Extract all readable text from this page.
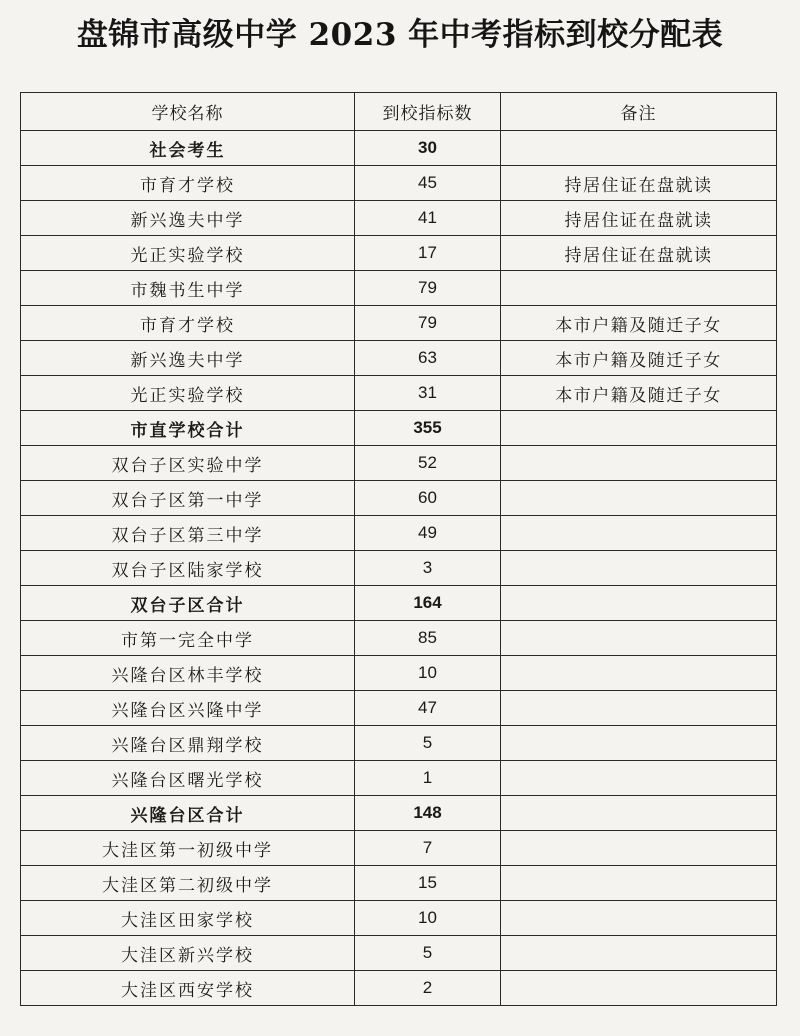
盘锦市高级中学 2023 年中考指标到校分配表
学校名称	到校指标数	备注
社会考生	30	
市育才学校	45	持居住证在盘就读
新兴逸夫中学	41	持居住证在盘就读
光正实验学校	17	持居住证在盘就读
市魏书生中学	79	
市育才学校	79	本市户籍及随迁子女
新兴逸夫中学	63	本市户籍及随迁子女
光正实验学校	31	本市户籍及随迁子女
市直学校合计	355	
双台子区实验中学	52	
双台子区第一中学	60	
双台子区第三中学	49	
双台子区陆家学校	3	
双台子区合计	164	
市第一完全中学	85	
兴隆台区林丰学校	10	
兴隆台区兴隆中学	47	
兴隆台区鼎翔学校	5	
兴隆台区曙光学校	1	
兴隆台区合计	148	
大洼区第一初级中学	7	
大洼区第二初级中学	15	
大洼区田家学校	10	
大洼区新兴学校	5	
大洼区西安学校	2	
